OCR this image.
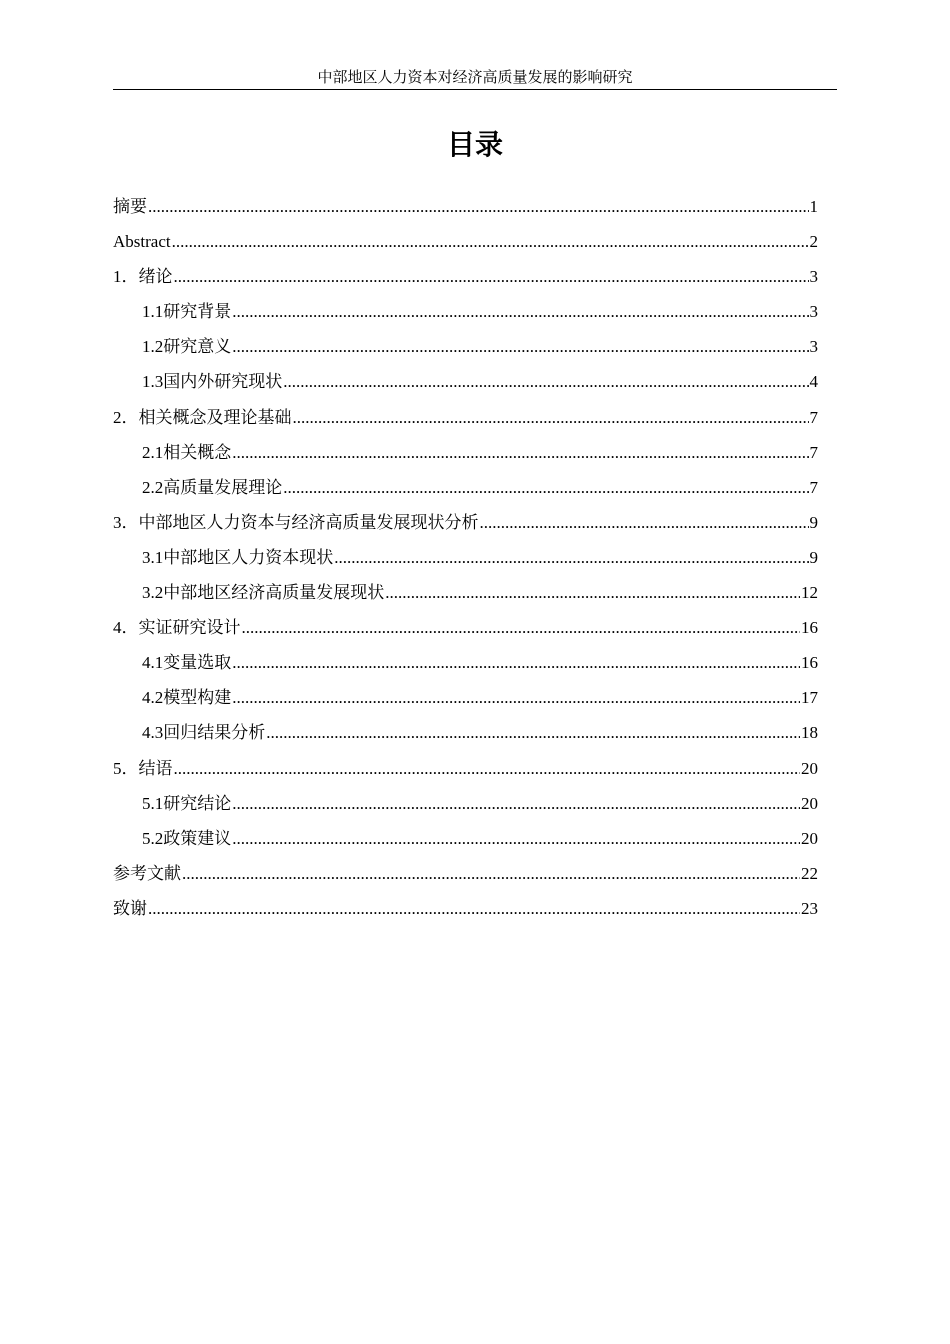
中部地区人力资本对经济高质量发展的影响研究
目录
摘要 .....	1
Abstract .....	2
1． 绪论 .....	3
1.1 研究背景 .....	3
1.2 研究意义 .....	3
1.3 国内外研究现状 .....	4
2． 相关概念及理论基础 .....	7
2.1 相关概念 .....	7
2.2 高质量发展理论 .....	7
3． 中部地区人力资本与经济高质量发展现状分析 .....	9
3.1 中部地区人力资本现状 .....	9
3.2 中部地区经济高质量发展现状 .....	12
4． 实证研究设计 .....	16
4.1 变量选取 .....	16
4.2 模型构建 .....	17
4.3 回归结果分析 .....	18
5． 结语 .....	20
5.1 研究结论 .....	20
5.2 政策建议 .....	20
参考文献 .....	22
致谢 .....	23
